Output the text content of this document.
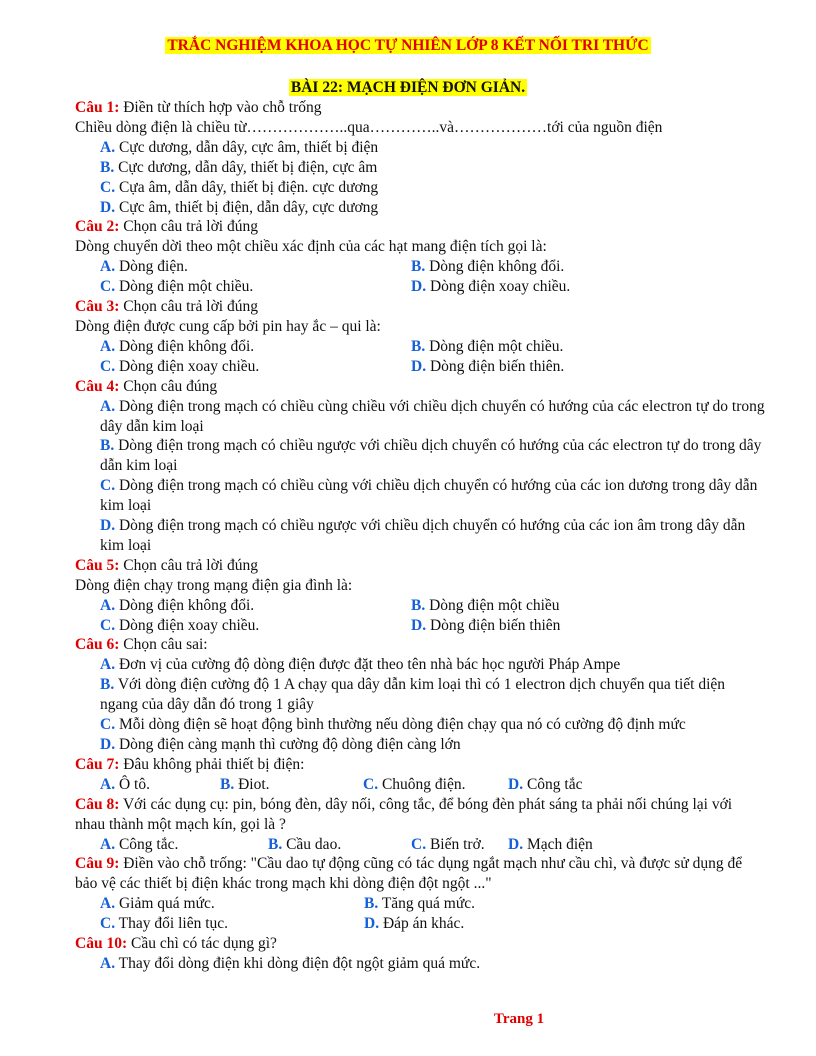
TRẮC NGHIỆM KHOA HỌC TỰ NHIÊN LỚP 8 KẾT NỐI TRI THỨC
BÀI 22: MẠCH ĐIỆN ĐƠN GIẢN.
Câu 1: Điền từ thích hợp vào chỗ trống
Chiều dòng điện là chiều từ………………..qua…………..và………………tới của nguồn điện
A. Cực dương, dẫn dây, cực âm, thiết bị điện
B. Cực dương, dẫn dây, thiết bị điện, cực âm
C. Cựa âm, dẫn dây, thiết bị điện. cực dương
D. Cực âm, thiết bị điện, dẫn dây, cực dương
Câu 2: Chọn câu trả lời đúng
Dòng chuyển dời theo một chiều xác định của các hạt mang điện tích gọi là:
A. Dòng điện.	B. Dòng điện không đổi.
C. Dòng điện một chiều.	D. Dòng điện xoay chiều.
Câu 3: Chọn câu trả lời đúng
Dòng điện được cung cấp bởi pin hay ắc – qui là:
A. Dòng điện không đổi.	B. Dòng điện một chiều.
C. Dòng điện xoay chiều.	D. Dòng điện biến thiên.
Câu 4: Chọn câu đúng
A. Dòng điện trong mạch có chiều cùng chiều với chiều dịch chuyển có hướng của các electron tự do trong dây dẫn kim loại
B. Dòng điện trong mạch có chiều ngược với chiều dịch chuyển có hướng của các electron tự do trong dây dẫn kim loại
C. Dòng điện trong mạch có chiều cùng với chiều dịch chuyển có hướng của các ion dương trong dây dẫn kim loại
D. Dòng điện trong mạch có chiều ngược với chiều dịch chuyển có hướng của các ion âm trong dây dẫn kim loại
Câu 5: Chọn câu trả lời đúng
Dòng điện chạy trong mạng điện gia đình là:
A. Dòng điện không đổi.	B. Dòng điện một chiều
C. Dòng điện xoay chiều.	D. Dòng điện biến thiên
Câu 6: Chọn câu sai:
A. Đơn vị của cường độ dòng điện được đặt theo tên nhà bác học người Pháp Ampe
B. Với dòng điện cường độ 1 A chạy qua dây dẫn kim loại thì có 1 electron dịch chuyển qua tiết diện ngang của dây dẫn đó trong 1 giây
C. Mỗi dòng điện sẽ hoạt động bình thường nếu dòng điện chạy qua nó có cường độ định mức
D. Dòng điện càng mạnh thì cường độ dòng điện càng lớn
Câu 7: Đâu không phải thiết bị điện:
A. Ô tô.	B. Điot.	C. Chuông điện.	D. Công tắc
Câu 8: Với các dụng cụ: pin, bóng đèn, dây nối, công tắc, để bóng đèn phát sáng ta phải nối chúng lại với nhau thành một mạch kín, gọi là ?
A. Công tắc.	B. Cầu dao.	C. Biến trở.	D. Mạch điện
Câu 9: Điền vào chỗ trống: "Cầu dao tự động cũng có tác dụng ngắt mạch như cầu chì, và được sử dụng để bảo vệ các thiết bị điện khác trong mạch khi dòng điện đột ngột ..."
A. Giảm quá mức.	B. Tăng quá mức.
C. Thay đổi liên tục.	D. Đáp án khác.
Câu 10: Cầu chì có tác dụng gì?
A. Thay đổi dòng điện khi dòng điện đột ngột giảm quá mức.
Trang 1
